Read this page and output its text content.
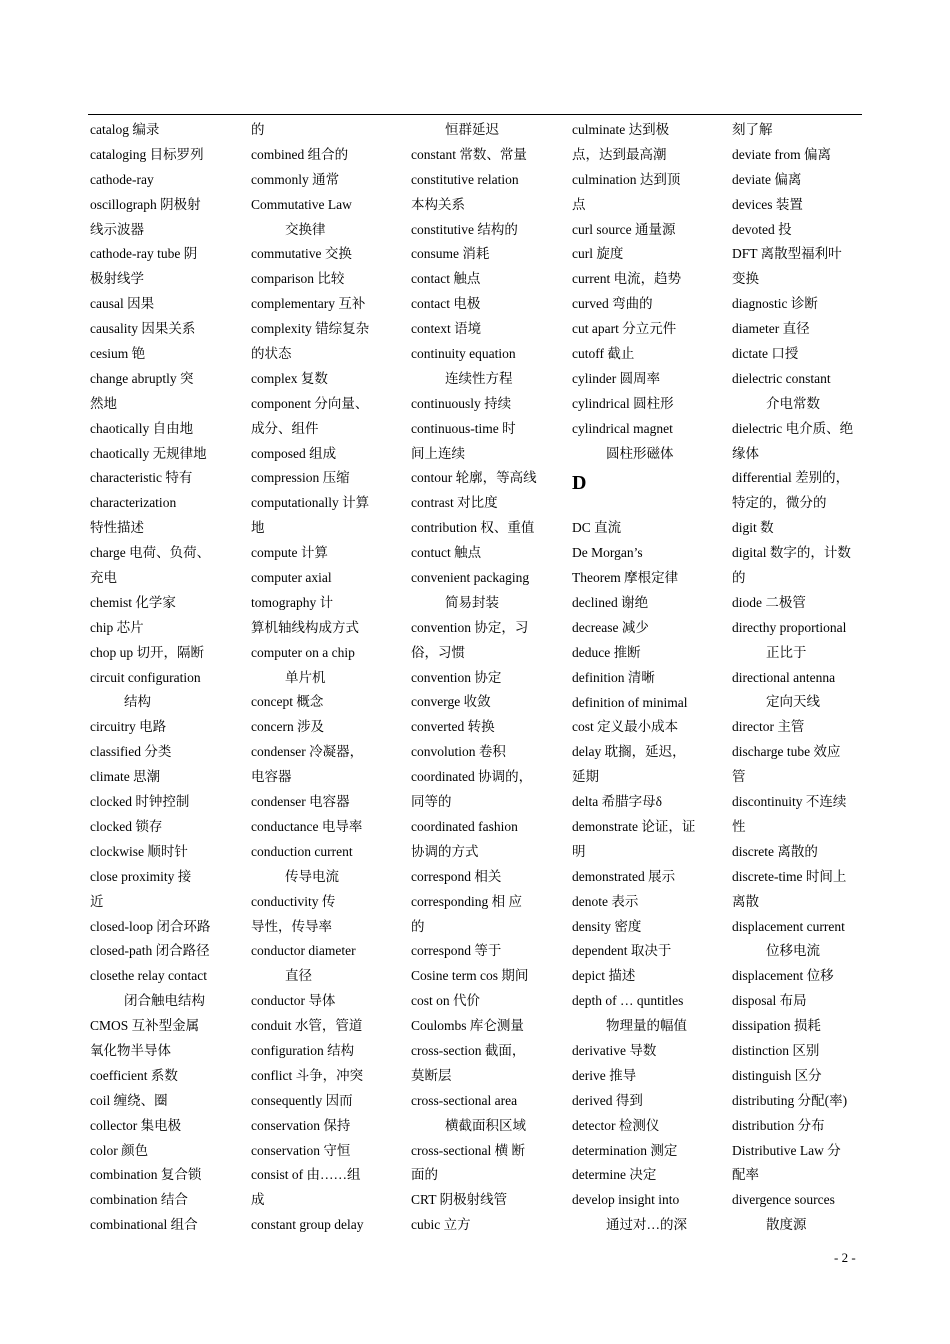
catalog 编录
cataloging 目标罗列
cathode-ray
oscillograph 阴极射
线示波器
cathode-ray tube 阴
极射线学
causal 因果
causality 因果关系
cesium 铯
change abruptly 突
然地
chaotically 自由地
chaotically 无规律地
characteristic 特有
characterization
特性描述
charge 电荷、负荷、
充电
chemist 化学家
chip 芯片
chop up 切开，隔断
circuit configuration
结构
circuitry 电路
classified 分类
climate 思潮
clocked 时钟控制
clocked 锁存
clockwise 顺时针
close proximity 接
近
closed-loop 闭合环路
closed-path 闭合路径
closethe relay contact
闭合触电结构
CMOS 互补型金属
氧化物半导体
coefficient 系数
coil 缠绕、圈
collector 集电极
color 颜色
combination 复合锁
combination 结合
combinational 组合
的
combined 组合的
commonly 通常
Commutative Law
交换律
commutative 交换
comparison 比较
complementary 互补
complexity 错综复杂
的状态
complex 复数
component 分向量、
成分、组件
composed 组成
compression 压缩
computationally 计算
地
compute 计算
computer axial
tomography 计
算机轴线构成方式
computer on a chip
单片机
concept 概念
concern 涉及
condenser 冷凝器，
电容器
condenser 电容器
conductance 电导率
conduction current
传导电流
conductivity 传
导性，传导率
conductor diameter
直径
conductor 导体
conduit 水管，管道
configuration 结构
conflict 斗争，冲突
consequently 因而
conservation 保持
conservation 守恒
consist of 由……组
成
constant group delay
恒群延迟
constant 常数、常量
constitutive relation
本构关系
constitutive 结构的
consume 消耗
contact 触点
contact 电极
context 语境
continuity equation
连续性方程
continuously 持续
continuous-time 时
间上连续
contour 轮廓，等高线
contrast 对比度
contribution 权、重值
contuct 触点
convenient packaging
简易封装
convention 协定，习
俗，习惯
convention 协定
converge 收敛
converted 转换
convolution 卷积
coordinated 协调的，
同等的
coordinated fashion
协调的方式
correspond 相关
corresponding 相 应
的
correspond 等于
Cosine term cos 期间
cost on 代价
Coulombs 库仑测量
cross-section 截面，
莫断层
cross-sectional area
横截面积区域
cross-sectional 横 断
面的
CRT 阴极射线管
cubic 立方
culminate 达到极
点，达到最高潮
culmination 达到顶
点
curl source 通量源
curl 旋度
current 电流，趋势
curved 弯曲的
cut apart 分立元件
cutoff 截止
cylinder 圆周率
cylindrical 圆柱形
cylindrical magnet
圆柱形磁体
D
DC 直流
De Morgan’s
Theorem 摩根定律
declined 谢绝
decrease 减少
deduce 推断
definition 清晰
definition of minimal
cost 定义最小成本
delay 耽搁，延迟，
延期
delta 希腊字母δ
demonstrate 论证，证
明
demonstrated 展示
denote 表示
density 密度
dependent 取决于
depict 描述
depth of … quntitles
物理量的幅值
derivative 导数
derive 推导
derived 得到
detector 检测仪
determination 测定
determine 决定
develop insight into
通过对…的深
刻了解
deviate from 偏离
deviate 偏离
devices 装置
devoted 投
DFT 离散型福利叶
变换
diagnostic 诊断
diameter 直径
dictate 口授
dielectric constant
介电常数
dielectric 电介质、绝
缘体
differential 差别的，
特定的，微分的
digit 数
digital 数字的，计数
的
diode 二极管
directhy proportional
正比于
directional antenna
定向天线
director 主管
discharge tube 效应
管
discontinuity 不连续
性
discrete 离散的
discrete-time 时间上
离散
displacement current
位移电流
displacement 位移
disposal 布局
dissipation 损耗
distinction 区别
distinguish 区分
distributing 分配(率)
distribution 分布
Distributive Law 分
配率
divergence sources
散度源
- 2 -
